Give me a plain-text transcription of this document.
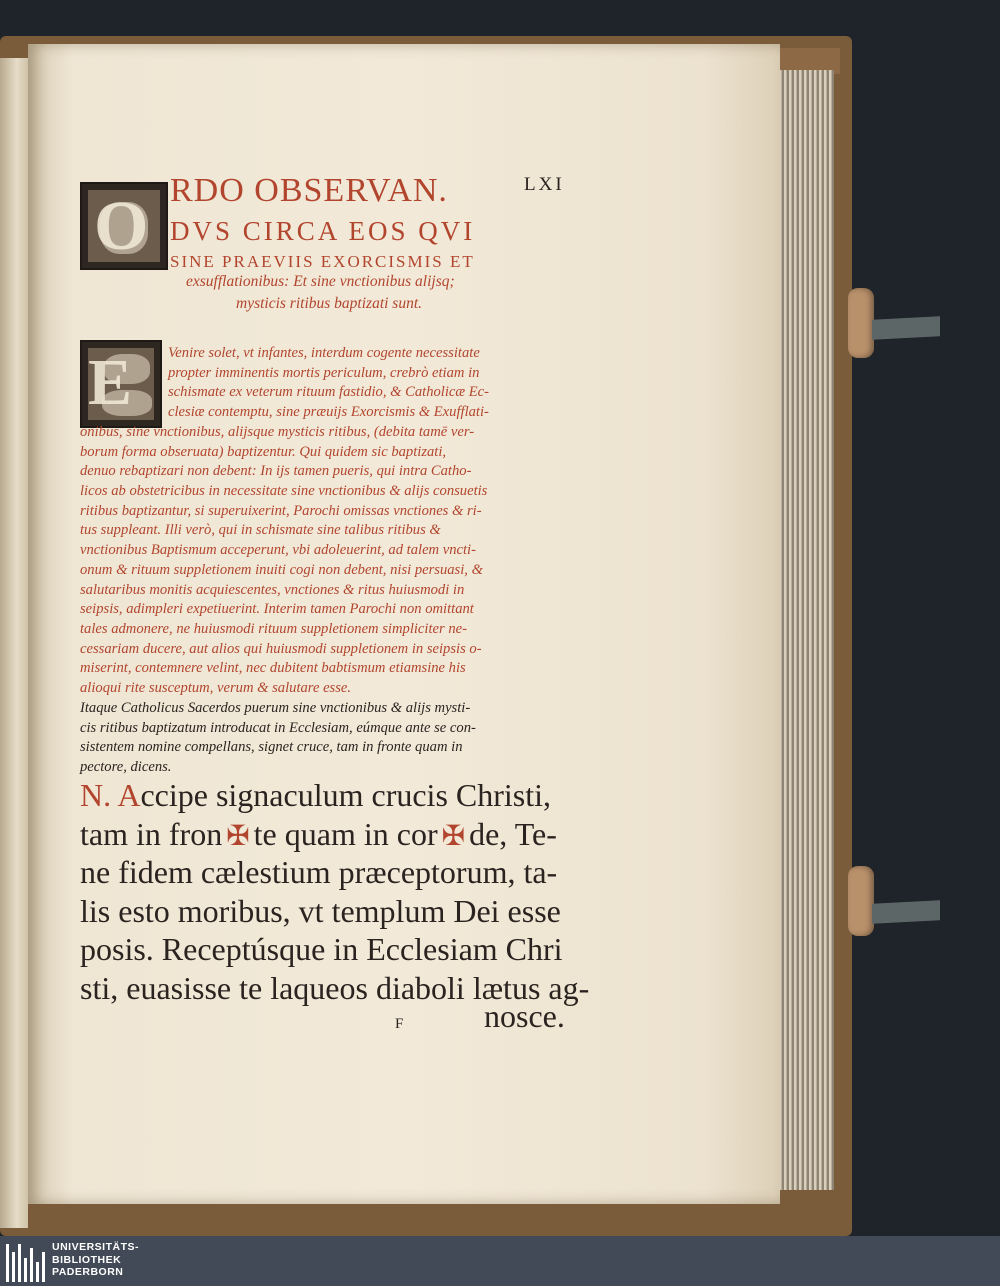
LXI
O RDO OBSERVAN.
DVS CIRCA EOS QVI
SINE PRAEVIIS EXORCISMIS ET
exsufflationibus: Et sine vnctionibus alijsq;
mysticis ritibus baptizati sunt.
E Venire solet, vt infantes, interdum cogente necessitate
propter imminentis mortis periculum, crebrò etiam in
schismate ex veterum rituum fastidio, & Catholicæ Ec-
clesiæ contemptu, sine præuijs Exorcismis & Exufflati-
onibus, sine vnctionibus, alijsque mysticis ritibus, (debita tamē ver-
borum forma obseruata) baptizentur. Qui quidem sic baptizati,
denuo rebaptizari non debent: In ijs tamen pueris, qui intra Catho-
licos ab obstetricibus in necessitate sine vnctionibus & alijs consuetis
ritibus baptizantur, si superuixerint, Parochi omissas vnctiones & ri-
tus suppleant. Illi verò, qui in schismate sine talibus ritibus &
vnctionibus Baptismum acceperunt, vbi adoleuerint, ad talem vncti-
onum & rituum suppletionem inuiti cogi non debent, nisi persuasi, &
salutaribus monitis acquiescentes, vnctiones & ritus huiusmodi in
seipsis, adimpleri expetiuerint. Interim tamen Parochi non omittant
tales admonere, ne huiusmodi rituum suppletionem simpliciter ne-
cessariam ducere, aut alios qui huiusmodi suppletionem in seipsis o-
miserint, contemnere velint, nec dubitent babtismum etiamsine his
alioqui rite susceptum, verum & salutare esse.
Itaque Catholicus Sacerdos puerum sine vnctionibus & alijs mysti-
cis ritibus baptizatum introducat in Ecclesiam, eúmque ante se con-
sistentem nomine compellans, signet cruce, tam in fronte quam in
pectore, dicens.
N. Accipe signaculum crucis Christi,
tam in fron ✠ te quam in cor ✠ de, Te-
ne fidem cælestium præceptorum, ta-
lis esto moribus, vt templum Dei esse
posis. Receptúsque in Ecclesiam Chri
sti, euasisse te laqueos diaboli lætus ag-
nosce.
F
UNIVERSITÄTS-
BIBLIOTHEK
PADERBORN
